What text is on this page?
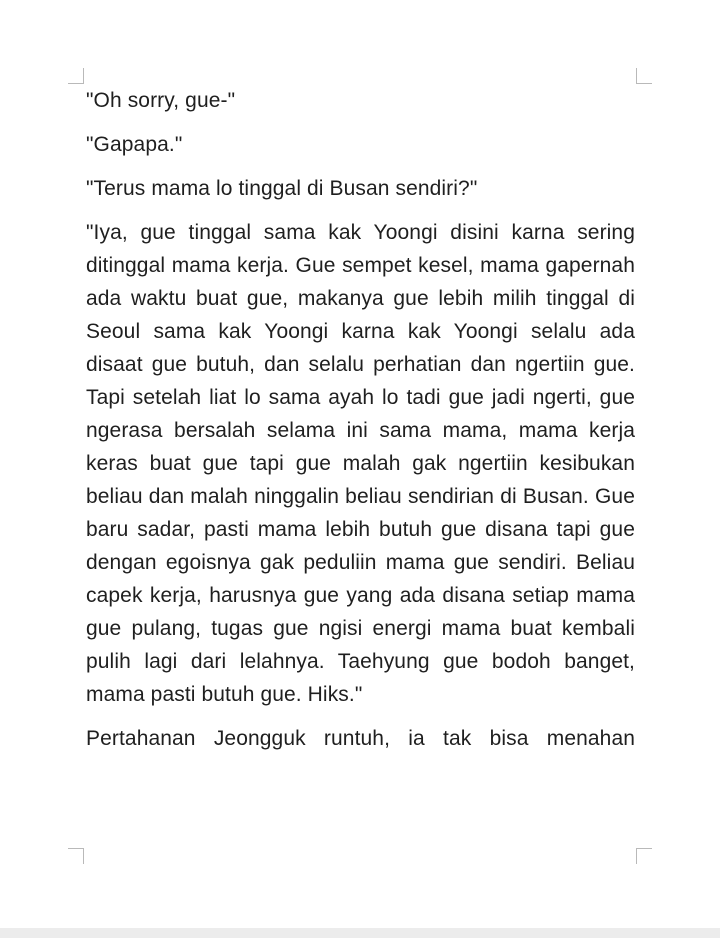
"Oh sorry, gue-"

"Gapapa."

"Terus mama lo tinggal di Busan sendiri?"

"Iya, gue tinggal sama kak Yoongi disini karna sering ditinggal mama kerja. Gue sempet kesel, mama gapernah ada waktu buat gue, makanya gue lebih milih tinggal di Seoul sama kak Yoongi karna kak Yoongi selalu ada disaat gue butuh, dan selalu perhatian dan ngertiin gue. Tapi setelah liat lo sama ayah lo tadi gue jadi ngerti, gue ngerasa bersalah selama ini sama mama, mama kerja keras buat gue tapi gue malah gak ngertiin kesibukan beliau dan malah ninggalin beliau sendirian di Busan. Gue baru sadar, pasti mama lebih butuh gue disana tapi gue dengan egoisnya gak peduliin mama gue sendiri. Beliau capek kerja, harusnya gue yang ada disana setiap mama gue pulang, tugas gue ngisi energi mama buat kembali pulih lagi dari lelahnya. Taehyung gue bodoh banget, mama pasti butuh gue. Hiks."

Pertahanan Jeongguk runtuh, ia tak bisa menahan
